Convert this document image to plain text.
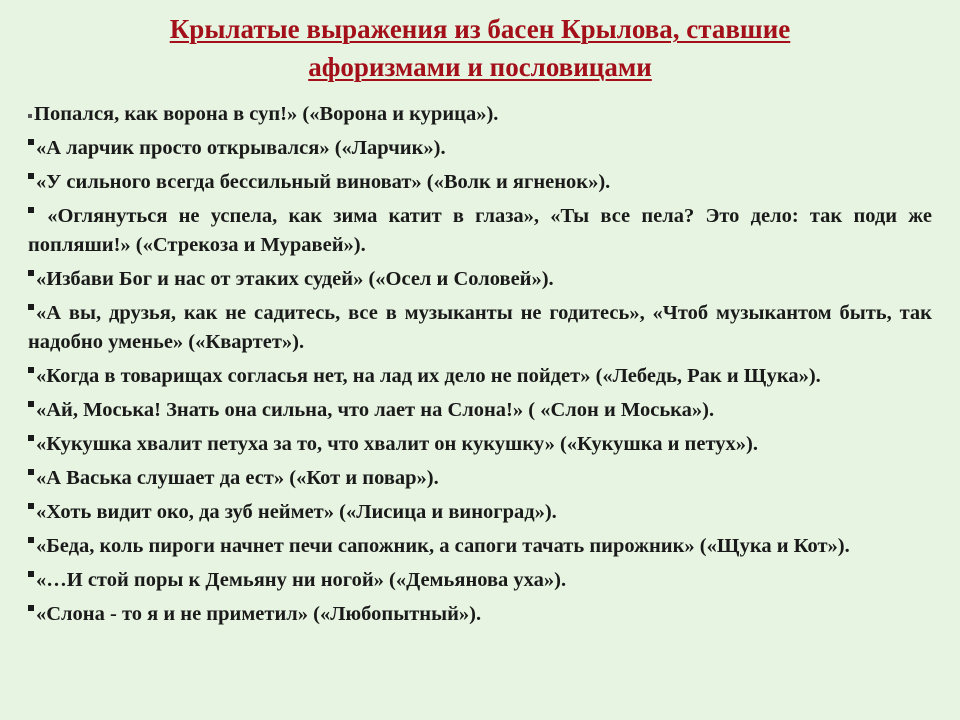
Крылатые выражения из басен Крылова, ставшие
афоризмами и пословицами
Попался, как ворона в суп!» («Ворона и курица»).
«А ларчик просто открывался» («Ларчик»).
«У сильного всегда бессильный виноват» («Волк и ягненок»).
«Оглянуться не успела, как зима катит в глаза», «Ты все пела? Это дело: так поди же попляши!» («Стрекоза и Муравей»).
«Избави Бог и нас от этаких судей» («Осел и Соловей»).
«А вы, друзья, как не садитесь, все в музыканты не годитесь», «Чтоб музыкантом быть, так надобно уменье» («Квартет»).
«Когда в товарищах согласья нет, на лад их дело не пойдет» («Лебедь, Рак и Щука»).
«Ай, Моська! Знать она сильна, что лает на Слона!» ( «Слон и Моська»).
«Кукушка хвалит петуха за то, что хвалит он кукушку» («Кукушка и петух»).
«А Васька слушает да ест» («Кот и повар»).
«Хоть видит око, да зуб неймет» («Лисица и виноград»).
«Беда, коль пироги начнет печи сапожник, а сапоги тачать пирожник» («Щука и Кот»).
«…И стой поры к Демьяну ни ногой» («Демьянова уха»).
«Слона - то я и не приметил» («Любопытный»).
